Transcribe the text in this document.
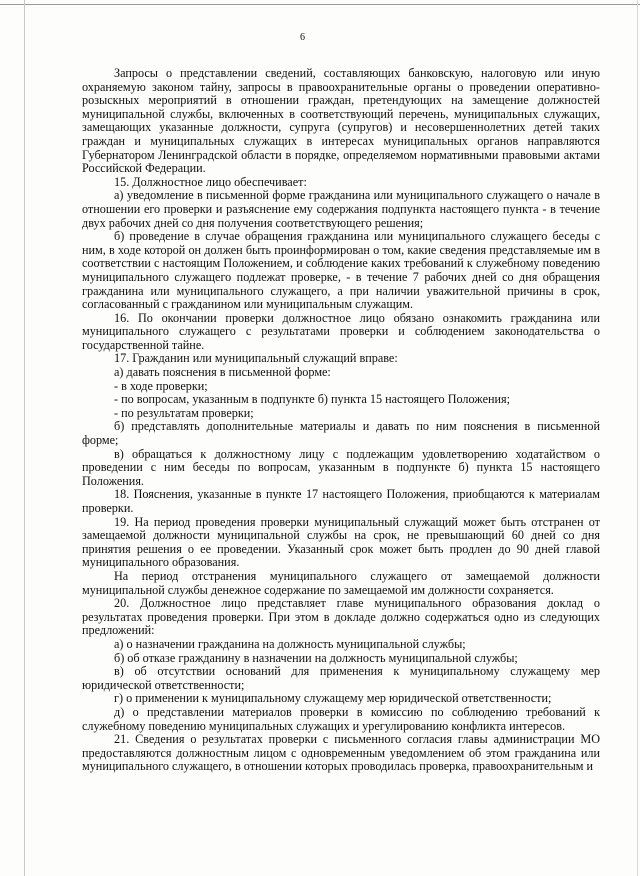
6

Запросы о представлении сведений, составляющих банковскую, налоговую или иную охраняемую законом тайну, запросы в правоохранительные органы о проведении оперативно-розыскных мероприятий в отношении граждан, претендующих на замещение должностей муниципальной службы, включенных в соответствующий перечень, муниципальных служащих, замещающих указанные должности, супруга (супругов) и несовершеннолетних детей таких граждан и муниципальных служащих в интересах муниципальных органов направляются Губернатором Ленинградской области в порядке, определяемом нормативными правовыми актами Российской Федерации.

15. Должностное лицо обеспечивает:

а) уведомление в письменной форме гражданина или муниципального служащего о начале в отношении его проверки и разъяснение ему содержания подпункта настоящего пункта - в течение двух рабочих дней со дня получения соответствующего решения;

б) проведение в случае обращения гражданина или муниципального служащего беседы с ним, в ходе которой он должен быть проинформирован о том, какие сведения представляемые им в соответствии с настоящим Положением, и соблюдение каких требований к служебному поведению муниципального служащего подлежат проверке, - в течение 7 рабочих дней со дня обращения гражданина или муниципального служащего, а при наличии уважительной причины в срок, согласованный с гражданином или муниципальным служащим.

16. По окончании проверки должностное лицо обязано ознакомить гражданина или муниципального служащего с результатами проверки и соблюдением законодательства о государственной тайне.

17. Гражданин или муниципальный служащий вправе:

а) давать пояснения в письменной форме:

- в ходе проверки;

- по вопросам, указанным в подпункте б) пункта 15 настоящего Положения;

- по результатам проверки;

б) представлять дополнительные материалы и давать по ним пояснения в письменной форме;

в) обращаться к должностному лицу с подлежащим удовлетворению ходатайством о проведении с ним беседы по вопросам, указанным в подпункте б) пункта 15 настоящего Положения.

18. Пояснения, указанные в пункте 17 настоящего Положения, приобщаются к материалам проверки.

19. На период проведения проверки муниципальный служащий может быть отстранен от замещаемой должности муниципальной службы на срок, не превышающий 60 дней со дня принятия решения о ее проведении. Указанный срок может быть продлен до 90 дней главой муниципального образования.

На период отстранения муниципального служащего от замещаемой должности муниципальной службы денежное содержание по замещаемой им должности сохраняется.

20. Должностное лицо представляет главе муниципального образования доклад о результатах проведения проверки. При этом в докладе должно содержаться одно из следующих предложений:

а) о назначении гражданина на должность муниципальной службы;

б) об отказе гражданину в назначении на должность муниципальной службы;

в) об отсутствии оснований для применения к муниципальному служащему мер юридической ответственности;

г) о применении к муниципальному служащему мер юридической ответственности;

д) о представлении материалов проверки в комиссию по соблюдению требований к служебному поведению муниципальных служащих и урегулированию конфликта интересов.

21. Сведения о результатах проверки с письменного согласия главы администрации МО предоставляются должностным лицом с одновременным уведомлением об этом гражданина или муниципального служащего, в отношении которых проводилась проверка, правоохранительным и
